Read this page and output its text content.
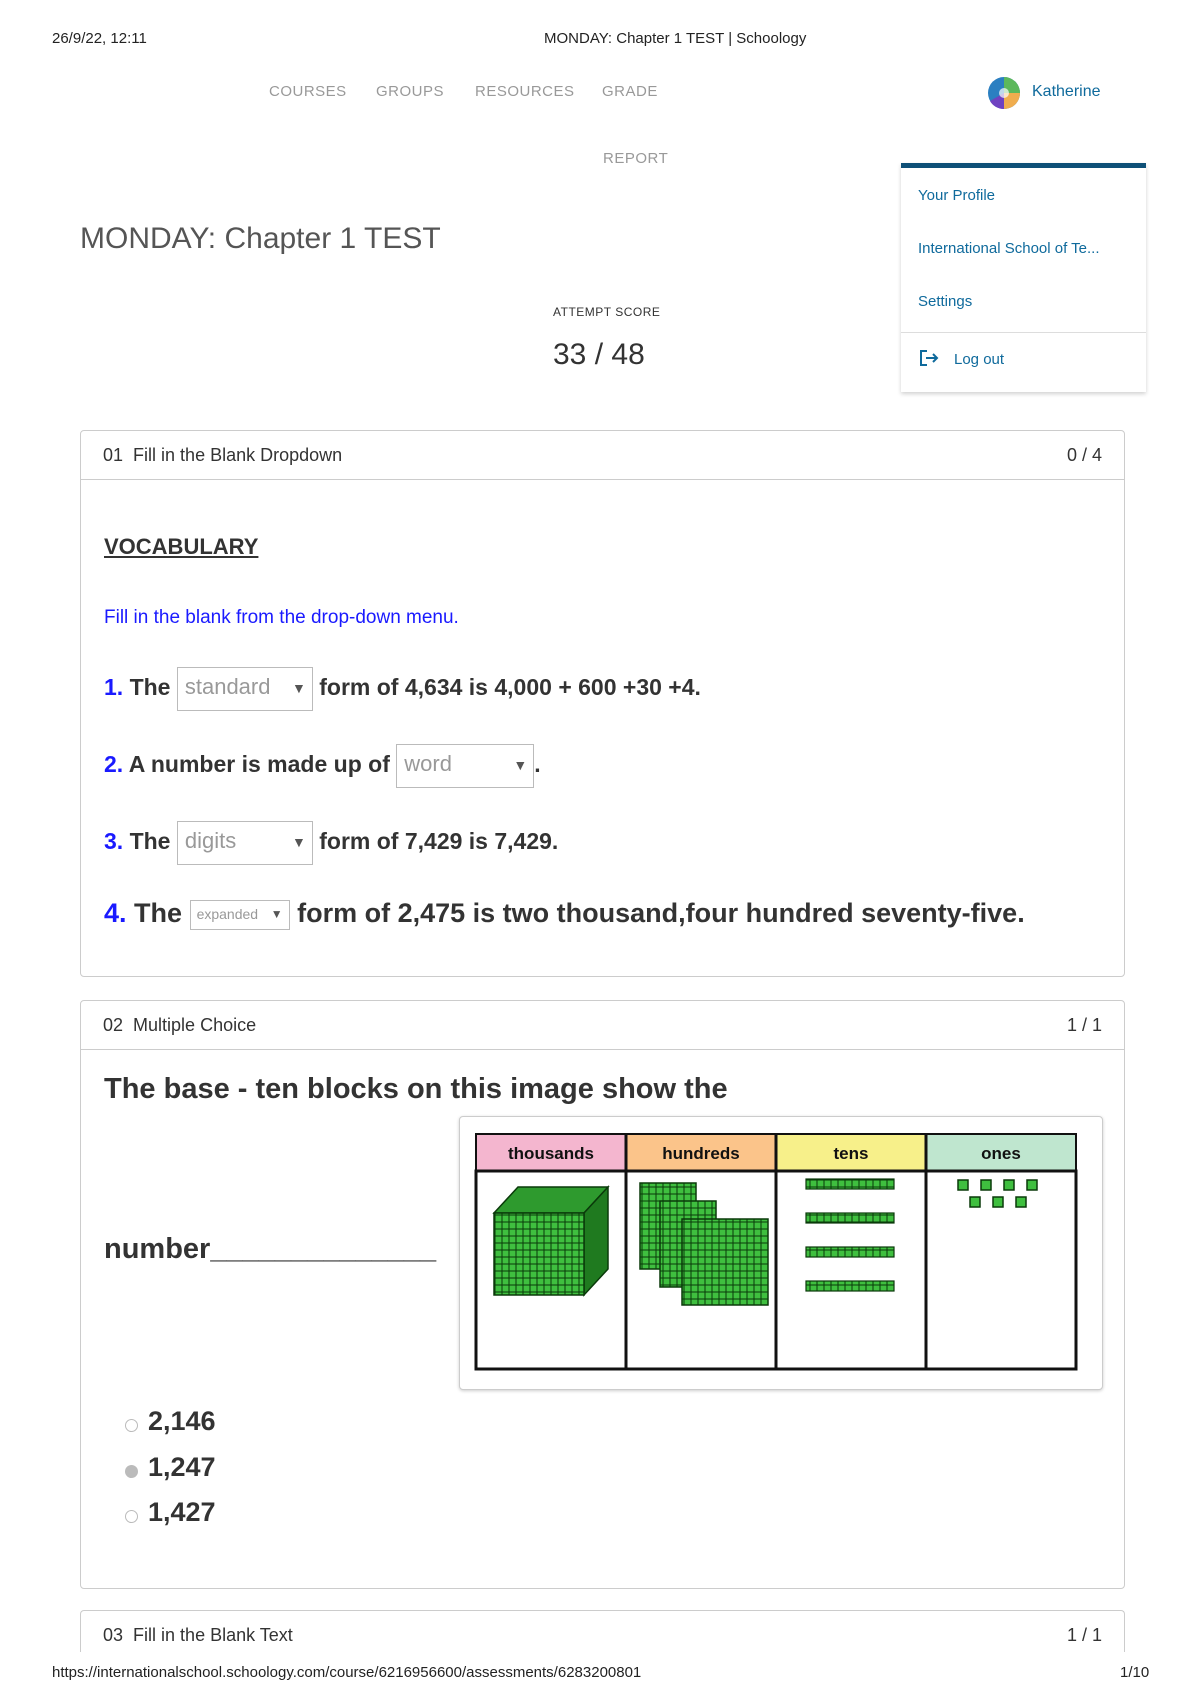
26/9/22, 12:11	MONDAY: Chapter 1 TEST | Schoology
COURSES GROUPS RESOURCES GRADE
REPORT
Katherine
Your Profile
International School of Te...
Settings
Log out
MONDAY: Chapter 1 TEST
ATTEMPT SCORE
33 / 48
01 Fill in the Blank Dropdown	0 / 4
VOCABULARY
Fill in the blank from the drop-down menu.
1. The standard ▼ form of 4,634 is 4,000 + 600 +30 +4.
2. A number is made up of word	▼ .
3. The digits	▼ form of 7,429 is 7,429.
4. The expanded ▼ form of 2,475 is two thousand,four hundred seventy-five.
02 Multiple Choice	1 / 1
The base - ten blocks on this image show the
number______________
thousands	hundreds	tens	ones
2,146
1,247
1,427
03 Fill in the Blank Text	1 / 1
https://internationalschool.schoology.com/course/6216956600/assessments/6283200801	1/10
